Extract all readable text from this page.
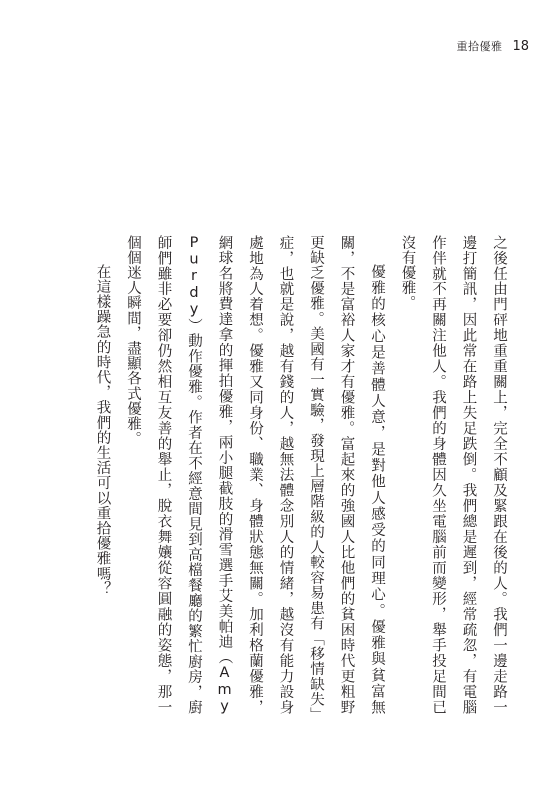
重拾優雅 18

之後任由門砰地重重關上，完全不顧及緊跟在後的人。我們一邊走路一邊打簡訊，因此常在路上失足跌倒。我們總是遲到，經常疏忽，有電腦作伴就不再關注他人。我們的身體因久坐電腦前而變形，舉手投足間已沒有優雅。

優雅的核心是善體人意，是對他人感受的同理心。優雅與貧富無關，不是富裕人家才有優雅。富起來的強國人比他們的貧困時代更粗野更缺乏優雅。美國有一實驗，發現上層階級的人較容易患有「移情缺失」症，也就是說，越有錢的人，越無法體念別人的情緒，越沒有能力設身處地為人着想。優雅又同身份、職業、身體狀態無關。加利格蘭優雅，網球名將費達拿的揮拍優雅，兩小腿截肢的滑雪選手艾美帕迪（Amy Purdy）動作優雅。作者在不經意間見到高檔餐廳的繁忙廚房，廚師們雖非必要卻仍然相互友善的舉止，脫衣舞孃從容圓融的姿態，那一個個迷人瞬間，盡顯各式優雅。

在這樣躁急的時代，我們的生活可以重拾優雅嗎？
